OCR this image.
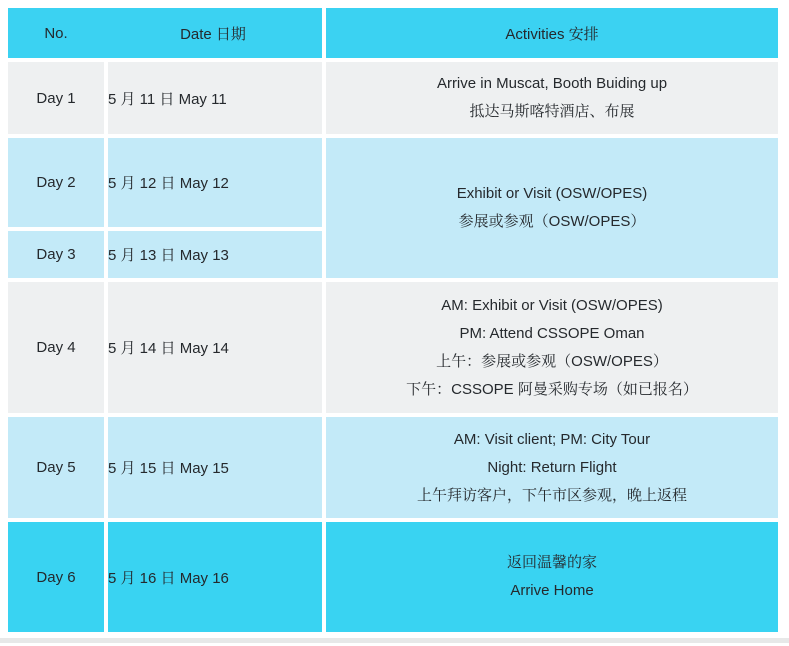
No. Date 日期		Activities 安排
Day 1	5 月 11 日 May 11	Arrive in Muscat, Booth Buiding up
抵达马斯喀特酒店、布展

Day 2	5 月 12 日 May 12	Exhibit or Visit (OSW/OPES)
参展或参观（OSW/OPES）

Day 3	5 月 13 日 May 13	
Day 4	5 月 14 日 May 14	AM: Exhibit or Visit (OSW/OPES)
PM: Attend CSSOPE Oman
上午：参展或参观（OSW/OPES）
下午：CSSOPE 阿曼采购专场（如已报名）

Day 5	5 月 15 日 May 15	AM: Visit client; PM: City Tour
Night: Return Flight
上午拜访客户，下午市区参观，晚上返程

Day 6	5 月 16 日 May 16	返回温馨的家
Arrive Home
